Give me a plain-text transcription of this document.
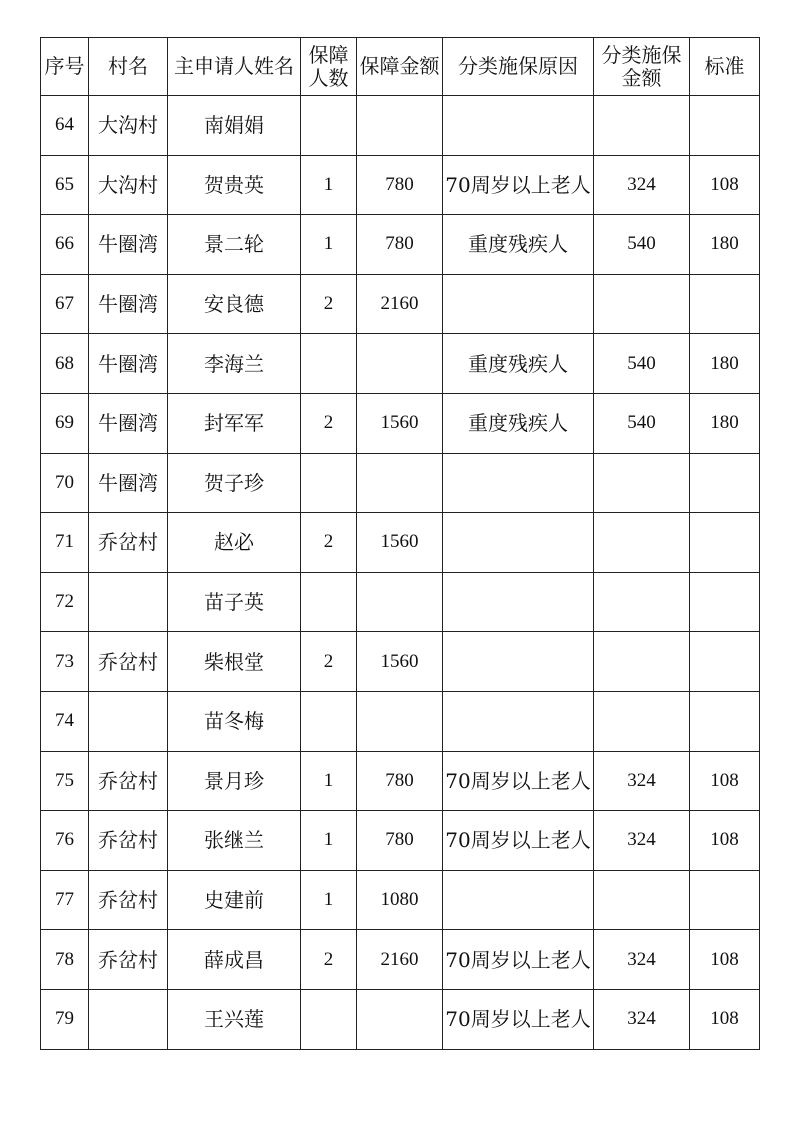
序号	村名	主申请人姓名	保障人数	保障金额	分类施保原因	分类施保金额	标准
64	大沟村	南娟娟					
65	大沟村	贺贵英	1	780	70周岁以上老人	324	108
66	牛圈湾	景二轮	1	780	重度残疾人	540	180
67	牛圈湾	安良德	2	2160			
68	牛圈湾	李海兰			重度残疾人	540	180
69	牛圈湾	封军军	2	1560	重度残疾人	540	180
70	牛圈湾	贺子珍					
71	乔岔村	赵必	2	1560			
72		苗子英					
73	乔岔村	柴根堂	2	1560			
74		苗冬梅					
75	乔岔村	景月珍	1	780	70周岁以上老人	324	108
76	乔岔村	张继兰	1	780	70周岁以上老人	324	108
77	乔岔村	史建前	1	1080			
78	乔岔村	薛成昌	2	2160	70周岁以上老人	324	108
79		王兴莲			70周岁以上老人	324	108
